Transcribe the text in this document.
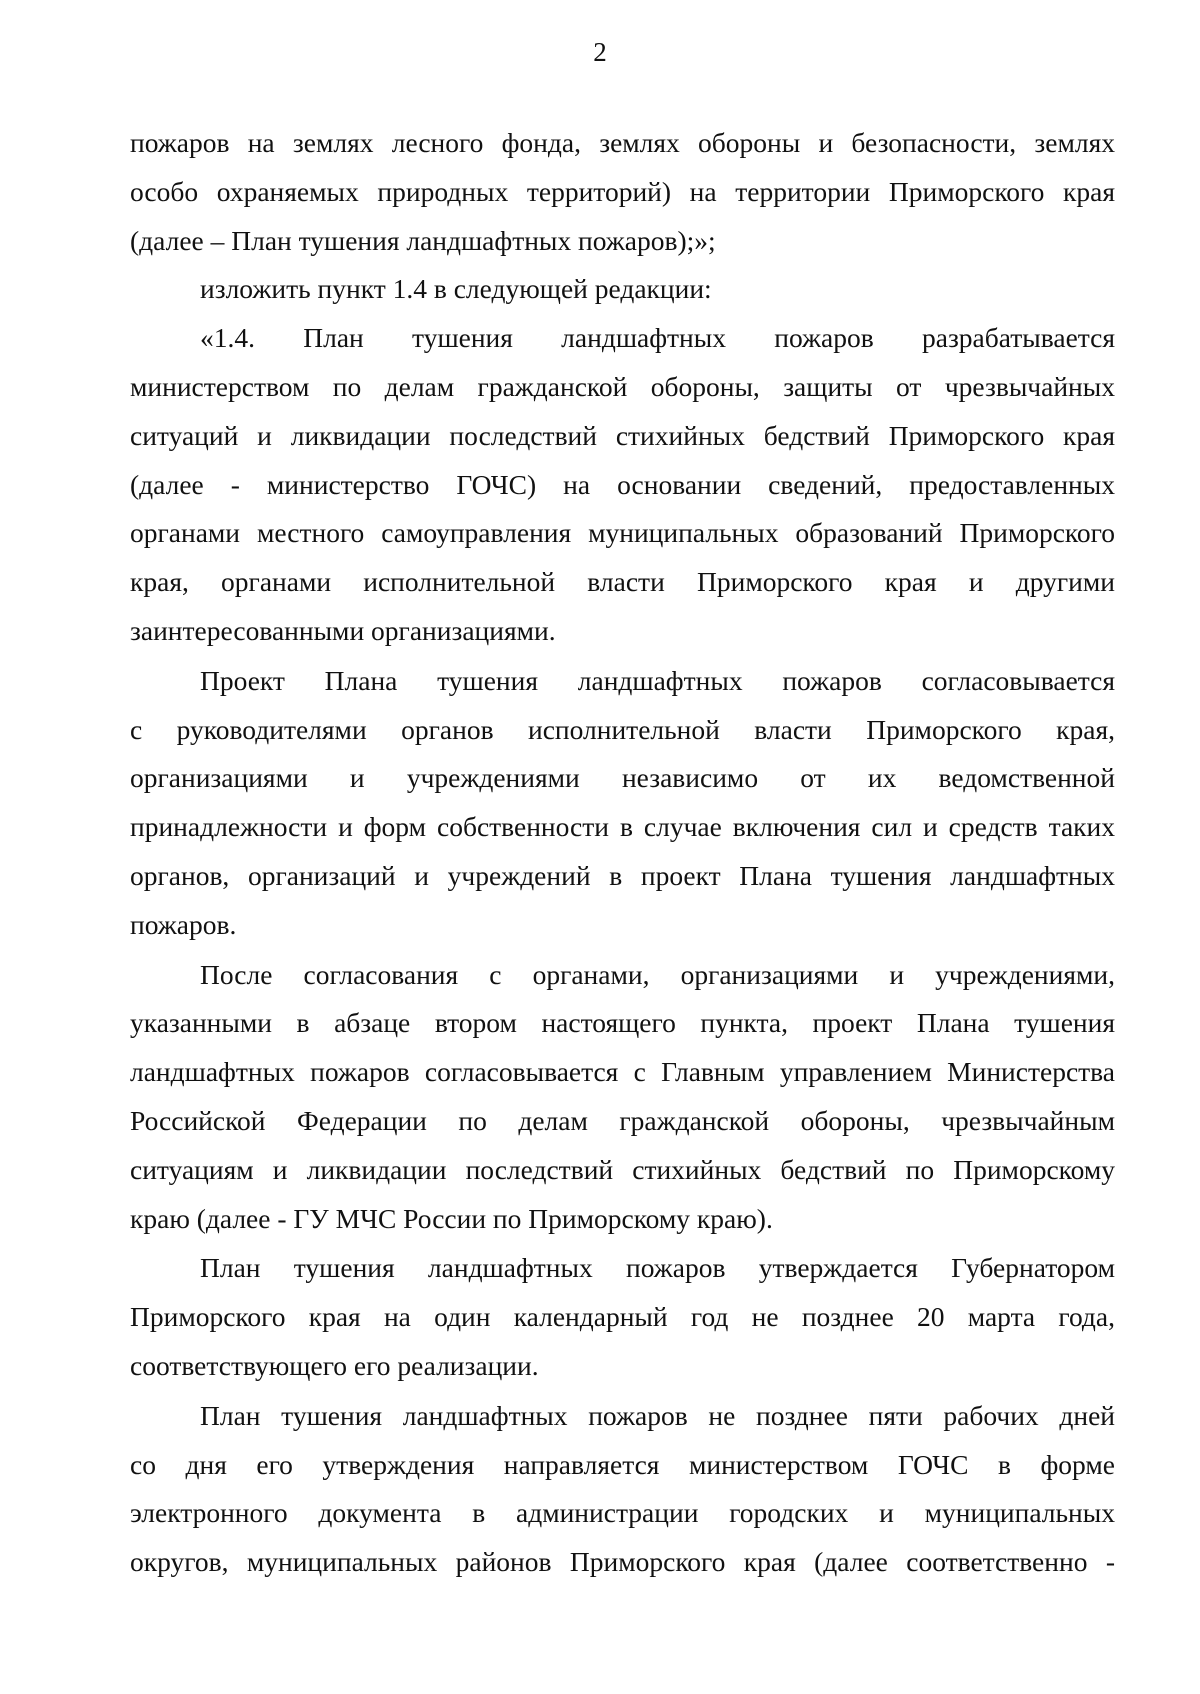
2

пожаров на землях лесного фонда, землях обороны и безопасности, землях
особо охраняемых природных территорий) на территории Приморского края
(далее – План тушения ландшафтных пожаров);»;

изложить пункт 1.4 в следующей редакции:

«1.4. План тушения ландшафтных пожаров разрабатывается
министерством по делам гражданской обороны, защиты от чрезвычайных
ситуаций и ликвидации последствий стихийных бедствий Приморского края
(далее - министерство ГОЧС) на основании сведений, предоставленных
органами местного самоуправления муниципальных образований Приморского
края, органами исполнительной власти Приморского края и другими
заинтересованными организациями.

Проект Плана тушения ландшафтных пожаров согласовывается
с руководителями органов исполнительной власти Приморского края,
организациями и учреждениями независимо от их ведомственной
принадлежности и форм собственности в случае включения сил и средств таких
органов, организаций и учреждений в проект Плана тушения ландшафтных
пожаров.

После согласования с органами, организациями и учреждениями,
указанными в абзаце втором настоящего пункта, проект Плана тушения
ландшафтных пожаров согласовывается с Главным управлением Министерства
Российской Федерации по делам гражданской обороны, чрезвычайным
ситуациям и ликвидации последствий стихийных бедствий по Приморскому
краю (далее - ГУ МЧС России по Приморскому краю).

План тушения ландшафтных пожаров утверждается Губернатором
Приморского края на один календарный год не позднее 20 марта года,
соответствующего его реализации.

План тушения ландшафтных пожаров не позднее пяти рабочих дней
со дня его утверждения направляется министерством ГОЧС в форме
электронного документа в администрации городских и муниципальных
округов, муниципальных районов Приморского края (далее соответственно -
